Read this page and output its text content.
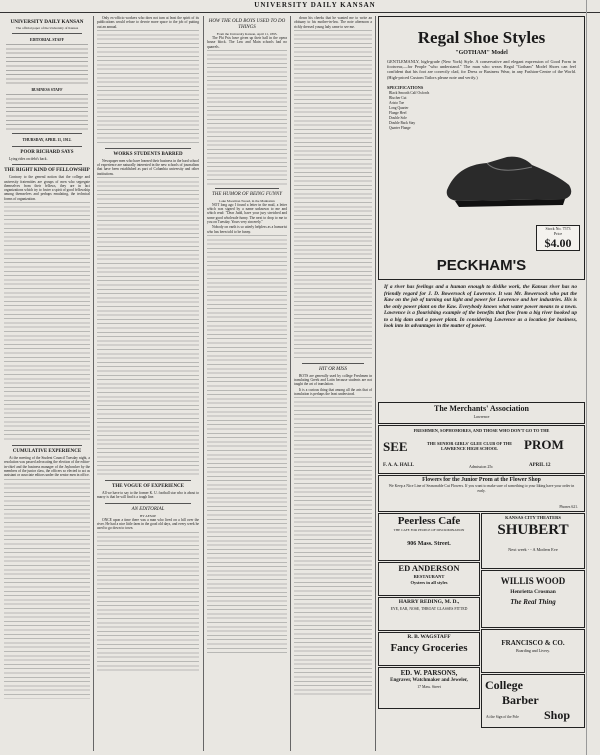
UNIVERSITY DAILY KANSAN
UNIVERSITY DAILY KANSAN
The official paper of the University of Kansas
EDITORIAL STAFF
BUSINESS STAFF
THURSDAY, APRIL 11, 1912.
POOR RICHARD SAYS

Lying rides on debt's back.

THE RIGHT KIND OF FELLOWSHIP

Contrary to the general notion that the college and university fraternities are groups of men who segregate themselves from their fellows, they are in fact organizations which try to foster a spirit of good fellowship among themselves and perhaps emulating, the technical forms of organization.

CUMULATIVE EXPERIENCE

At the meeting of the Student Council Tuesday night, a resolution was passed advocating the election of the editor-in-chief and the business manager of the Jayhawker by the members of the junior class, the officers so elected to act as assistant or associate editors under the senior men in office.

Only ex-officio workers who does not turn at least the spirit of its publications would refuse to devote more space to the job of putting out an annual.

WORKS STUDENTS BARRED

Newspaper men who have learned their business in the hard school of experience are naturally interested in the new schools of journalism that have been established as part of Columbia university and other institutions.

THE VOGUE OF EXPERIENCE

All we have to say to the former K. U. football star who is about to marry is that he will find it a tough line.

AN EDITORIAL
BY AESOP

ONCE upon a time there was a man who lived on a hill over the river. He had a nice little farm in the good old days, and every week he used to go down to town.

HOW THE OLD BOYS USED TO DO THINGS
From the University Kansan, April 11, 1895.

The Phi Psis have given up their hall in the opera house block. The Law and Main schools had no quarrels.

THE HUMOR OF BEING FUNNY
Lake Moorman Tweed, in the Manhattan

NOT long ago I found a letter in the mail, a letter which was signed by a name unknown to me and which read: "Dear Judd, have your jury stretched and some good wholesale funny. The next to drop to me to you on Tuesday. Yours very sincerely."

Nobody on earth is so utterly helpless as a humorist who has been told to be funny.

down his cheeks that he wanted me to write an obituary to his mother-in-law. The note afternoon a richly dressed young lady came to see me.

HIT OR MISS

BOTS are generally used by college Freshmen in translating Greek and Latin because students are not taught the art of translation.

It is a curious thing that among all the arts that of translation is perhaps the least understood.

Regal Shoe Styles
"GOTHAM" Model
GENTLEMANLY, high-grade (New York) Style. A conservative and elegant expression of Good Form in footwear,—for People "who understand." The man who wears Regal "Gotham" Model Shoes can feel confident that his foot are correctly clad, for Dress or Business Wear, in any Fashion-Centre of the World. (High-priced Custom Tailors please note and verify.)
SPECIFICATIONS
Black Smooth Calf Oxfords
Blucher Cut
Aristo Toe
Long Quarter
Flange Heel
Double Sole
Double Back Stay
Quarter Flange
Stock No. 7573
Price
$4.00
PECKHAM'S
If a river has feelings and a human enough to dislike work, the Kansas river has no friendly regard for J. D. Bowersock of Lawrence. It was Mr. Bowersock who put the Kaw on the job of turning out light and power for Lawrence and her industries. His is the only power plant on the Kaw. Everybody knows what water power means to a town. Lawrence is a flourishing example of the benefits that flow from a big river hooked up to a big dam and a power plant. In considering Lawrence as a location for business, look into its advantages in the matter of power.
The Merchants' Association
Lawrence
FRESHMEN, SOPHOMORES, AND THOSE WHO DON'T GO TO THE
SEE	PROM
THE SENIOR GIRLS' GLEE CLUB OF THE LAWRENCE HIGH SCHOOL
F. A. A. HALL	Admission 25c	APRIL 12
Flowers for the Junior Prom at the Flower Shop
We Keep a Nice Line of Seasonable Cut Flowers. If you want to make sure of something to your liking have your order in early.
Phones 621.
Peerless Cafe
THE CAFE FOR PEOPLE OF DISCRIMINATION
906 Mass. Street.
ED ANDERSON
RESTAURANT
Oysters in all styles
HARRY REDING, M. D.,
EYE, EAR, NOSE, THROAT GLASSES FITTED
R. B. WAGSTAFF
Fancy Groceries
ED. W. PARSONS,
Engraver, Watchmaker and Jeweler,
17 Mass. Street
KANSAS CITY THEATERS
SHUBERT
Next week - - A Modern Eve
WILLIS WOOD
Henrietta Crosman
The Real Thing
FRANCISCO & CO.
Boarding and Livery.
College
Barber
Shop
At the Sign of the Pole
